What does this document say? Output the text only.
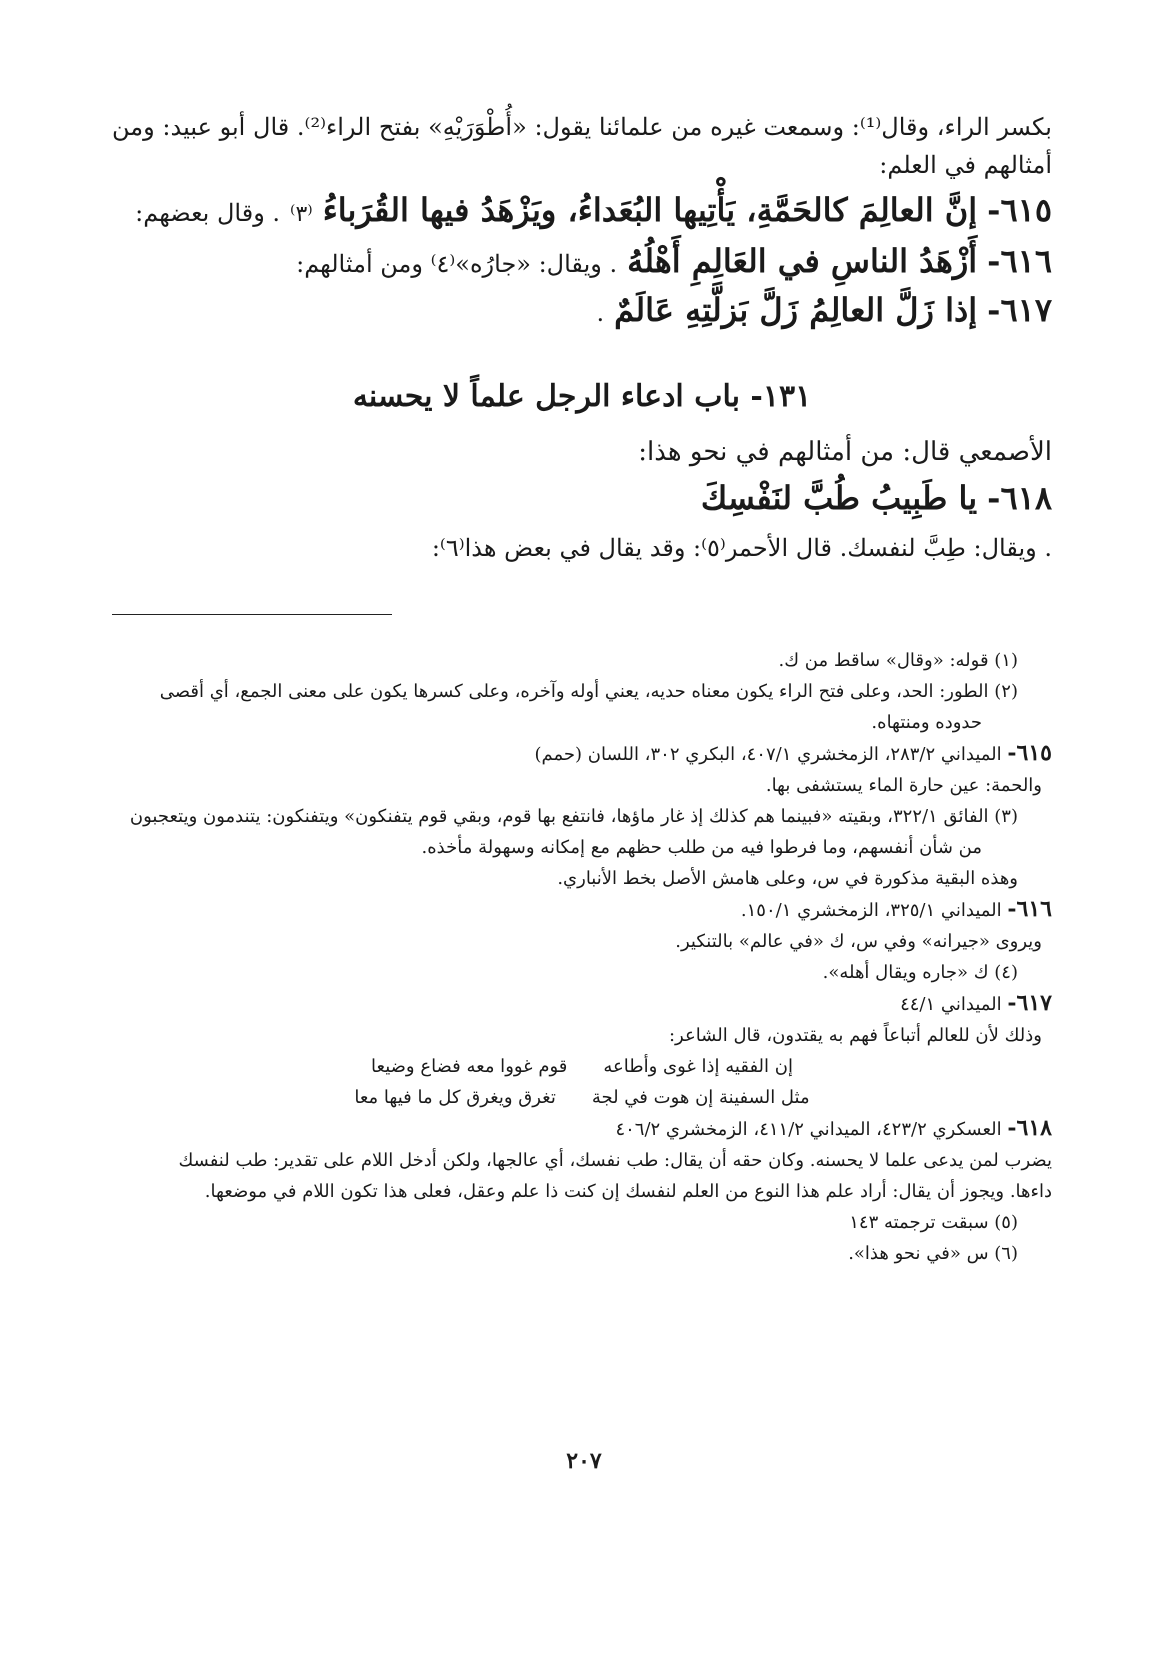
بكسر الراء، وقال⁽¹⁾: وسمعت غيره من علمائنا يقول: «أُطْوَرَيْهِ» بفتح الراء⁽²⁾. قال أبو عبيد: ومن أمثالهم في العلم:

٦١٥-
إنَّ العالِمَ كالحَمَّةِ، يَأْتِيها البُعَداءُ، ويَزْهَدُ فيها القُرَباءُ
⁽٣⁾
. وقال بعضهم:
٦١٦-
أَزْهَدُ الناسِ في العَالِمِ أَهْلُهُ
. ويقال: «جارُه»⁽٤⁾ ومن أمثالهم:
٦١٧-
إذا زَلَّ العالِمُ زَلَّ بَزلَّتِهِ عَالَمٌ
.
١٣١- باب ادعاء الرجل علماً لا يحسنه

الأصمعي قال: من أمثالهم في نحو هذا:

٦١٨-
يا طَبِيبُ طُبَّ لنَفْسِكَ
. ويقال: طِبَّ لنفسك. قال الأحمر⁽٥⁾: وقد يقال في بعض هذا⁽٦⁾:

(١) قوله: «وقال» ساقط من ك.

(٢) الطور: الحد، وعلى فتح الراء يكون معناه حديه، يعني أوله وآخره، وعلى كسرها يكون على معنى الجمع، أي أقصى

حدوده ومنتهاه.

٦١٥- الميداني ٢٨٣/٢، الزمخشري ٤٠٧/١، البكري ٣٠٢، اللسان (حمم)

والحمة: عين حارة الماء يستشفى بها.

(٣) الفائق ٣٢٢/١، وبقيته «فبينما هم كذلك إذ غار ماؤها، فانتفع بها قوم، وبقي قوم يتفنكون» ويتفنكون: يتندمون ويتعجبون

من شأن أنفسهم، وما فرطوا فيه من طلب حظهم مع إمكانه وسهولة مأخذه.

وهذه البقية مذكورة في س، وعلى هامش الأصل بخط الأنباري.

٦١٦- الميداني ٣٢٥/١، الزمخشري ١٥٠/١.

ويروى «جيرانه» وفي س، ك «في عالم» بالتنكير.

(٤) ك «جاره ويقال أهله».

٦١٧- الميداني ٤٤/١

وذلك لأن للعالم أتباعاً فهم به يقتدون، قال الشاعر:

إن الفقيه إذا غوى وأطاعه
قوم غووا معه فضاع وضيعا
مثل السفينة إن هوت في لجة
تغرق ويغرق كل ما فيها معا

٦١٨- العسكري ٤٢٣/٢، الميداني ٤١١/٢، الزمخشري ٤٠٦/٢

يضرب لمن يدعى علما لا يحسنه. وكان حقه أن يقال: طب نفسك، أي عالجها، ولكن أدخل اللام على تقدير: طب لنفسك

داءها. ويجوز أن يقال: أراد علم هذا النوع من العلم لنفسك إن كنت ذا علم وعقل، فعلى هذا تكون اللام في موضعها.

(٥) سبقت ترجمته ١٤٣

(٦) س «في نحو هذا».

٢٠٧
